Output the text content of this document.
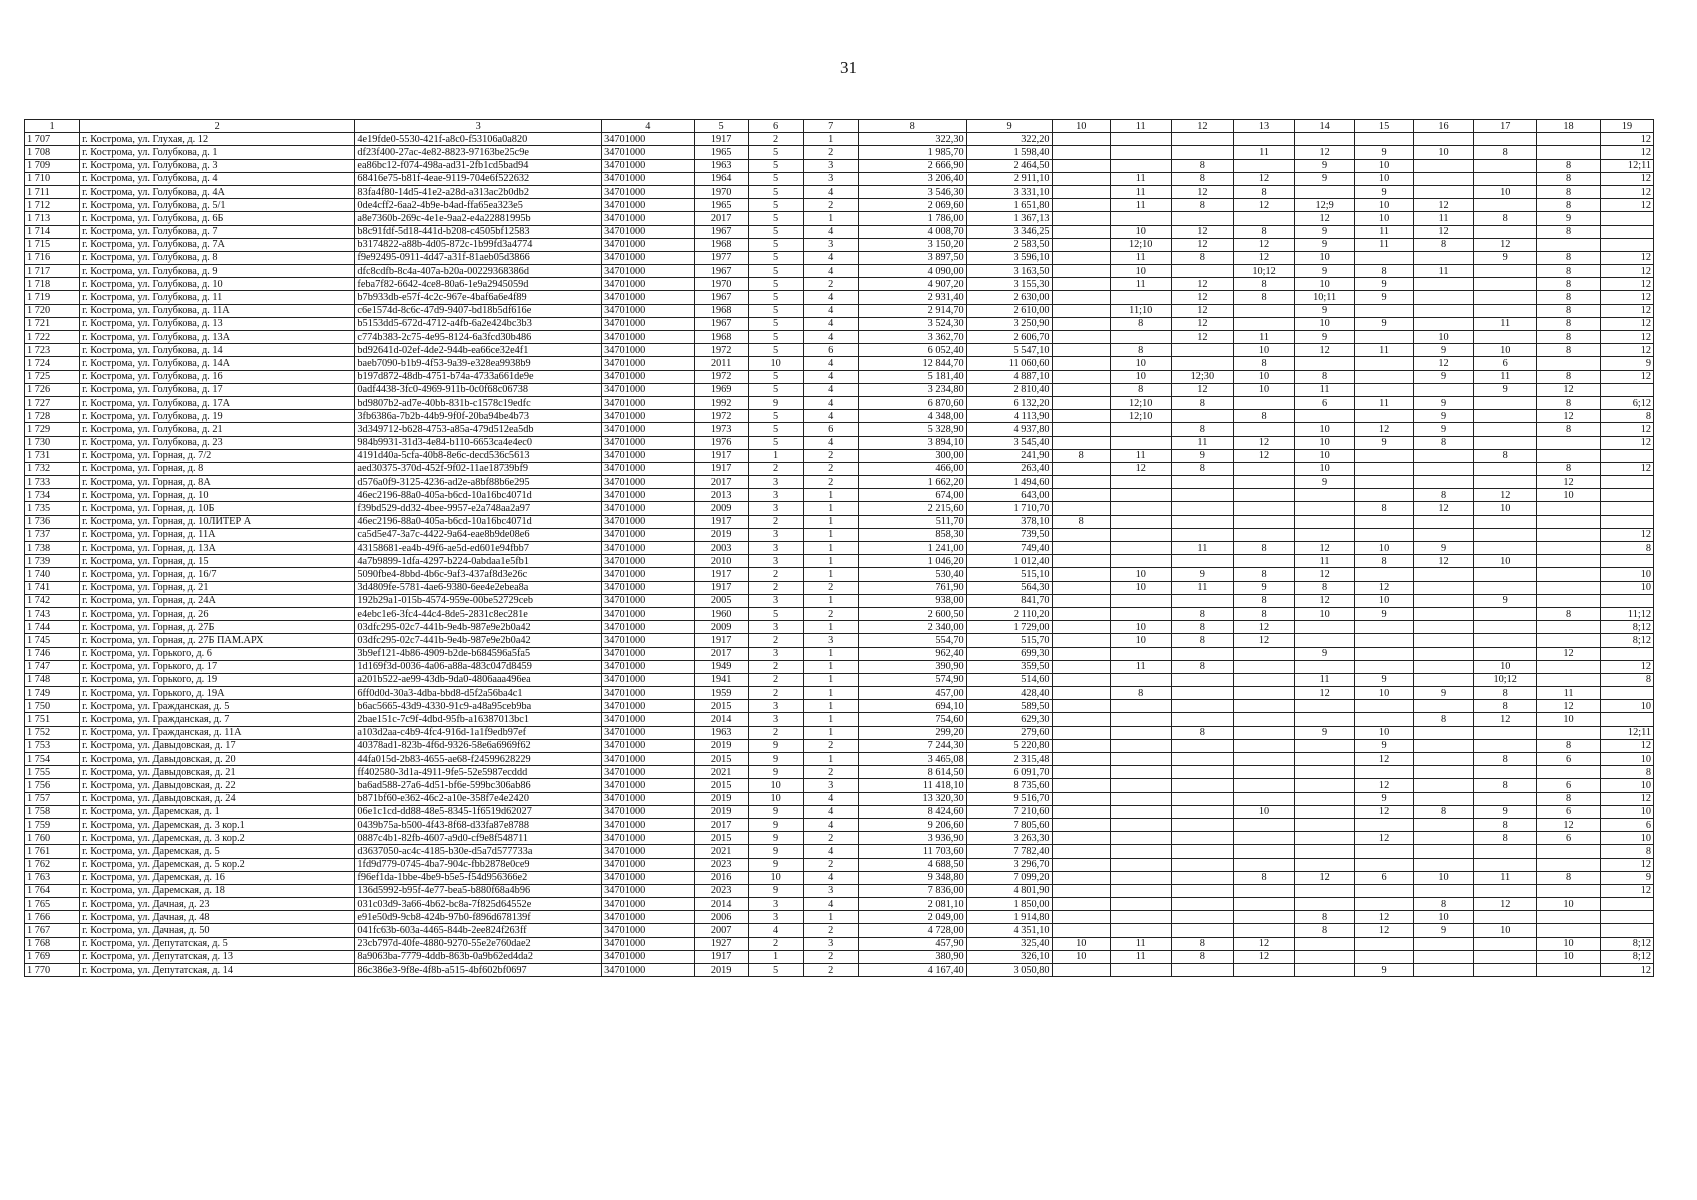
31
1	2	3	4	5	6	7	8	9	10	11	12	13	14	15	16	17	18	19
1 707	г. Кострома, ул. Глухая, д. 12	4e19fde0-5530-421f-a8c0-f53106a0a820	34701000	1917	2	1	322,30	322,20										12
1 708	г. Кострома, ул. Голубкова, д. 1	df23f400-27ac-4e82-8823-97163be25c9e	34701000	1965	5	2	1 985,70	1 598,40				11	12	9	10	8		12
1 709	г. Кострома, ул. Голубкова, д. 3	ea86bc12-f074-498a-ad31-2fb1cd5bad94	34701000	1963	5	3	2 666,90	2 464,50			8		9	10			8	12;11
1 710	г. Кострома, ул. Голубкова, д. 4	68416e75-b81f-4eae-9119-704e6f522632	34701000	1964	5	3	3 206,40	2 911,10		11	8	12	9	10			8	12
1 711	г. Кострома, ул. Голубкова, д. 4А	83fa4f80-14d5-41e2-a28d-a313ac2b0db2	34701000	1970	5	4	3 546,30	3 331,10		11	12	8		9		10	8	12
1 712	г. Кострома, ул. Голубкова, д. 5/1	0de4cff2-6aa2-4b9e-b4ad-ffa65ea323e5	34701000	1965	5	2	2 069,60	1 651,80		11	8	12	12;9	10	12		8	12
1 713	г. Кострома, ул. Голубкова, д. 6Б	a8e7360b-269c-4e1e-9aa2-e4a22881995b	34701000	2017	5	1	1 786,00	1 367,13					12	10	11	8	9	
1 714	г. Кострома, ул. Голубкова, д. 7	b8c91fdf-5d18-441d-b208-c4505bf12583	34701000	1967	5	4	4 008,70	3 346,25		10	12	8	9	11	12		8	
1 715	г. Кострома, ул. Голубкова, д. 7А	b3174822-a88b-4d05-872c-1b99fd3a4774	34701000	1968	5	3	3 150,20	2 583,50		12;10	12	12	9	11	8	12		
1 716	г. Кострома, ул. Голубкова, д. 8	f9e92495-0911-4d47-a31f-81aeb05d3866	34701000	1977	5	4	3 897,50	3 596,10		11	8	12	10			9	8	12
1 717	г. Кострома, ул. Голубкова, д. 9	dfc8cdfb-8c4a-407a-b20a-00229368386d	34701000	1967	5	4	4 090,00	3 163,50		10		10;12	9	8	11		8	12
1 718	г. Кострома, ул. Голубкова, д. 10	feba7f82-6642-4ce8-80a6-1e9a2945059d	34701000	1970	5	2	4 907,20	3 155,30		11	12	8	10	9			8	12
1 719	г. Кострома, ул. Голубкова, д. 11	b7b933db-e57f-4c2c-967e-4baf6a6e4f89	34701000	1967	5	4	2 931,40	2 630,00			12	8	10;11	9			8	12
1 720	г. Кострома, ул. Голубкова, д. 11А	c6e1574d-8c6c-47d9-9407-bd18b5df616e	34701000	1968	5	4	2 914,70	2 610,00		11;10	12		9				8	12
1 721	г. Кострома, ул. Голубкова, д. 13	b5153dd5-672d-4712-a4fb-6a2e424bc3b3	34701000	1967	5	4	3 524,30	3 250,90		8	12		10	9		11	8	12
1 722	г. Кострома, ул. Голубкова, д. 13А	c774b383-2c75-4e95-8124-6a3fcd30b486	34701000	1968	5	4	3 362,70	2 606,70			12	11	9		10		8	12
1 723	г. Кострома, ул. Голубкова, д. 14	bd92641d-02ef-4de2-944b-ea66ce32e4f1	34701000	1972	5	6	6 052,40	5 547,10		8		10	12	11	9	10	8	12
1 724	г. Кострома, ул. Голубкова, д. 14А	baeb7090-b1b9-4f53-9a39-e328ea9938b9	34701000	2011	10	4	12 844,70	11 060,60		10		8			12	6		9
1 725	г. Кострома, ул. Голубкова, д. 16	b197d872-48db-4751-b74a-4733a661de9e	34701000	1972	5	4	5 181,40	4 887,10		10	12;30	10	8		9	11	8	12
1 726	г. Кострома, ул. Голубкова, д. 17	0adf4438-3fc0-4969-911b-0c0f68c06738	34701000	1969	5	4	3 234,80	2 810,40		8	12	10	11			9	12	
1 727	г. Кострома, ул. Голубкова, д. 17А	bd9807b2-ad7e-40bb-831b-c1578c19edfc	34701000	1992	9	4	6 870,60	6 132,20		12;10	8		6	11	9		8	6;12
1 728	г. Кострома, ул. Голубкова, д. 19	3fb6386a-7b2b-44b9-9f0f-20ba94be4b73	34701000	1972	5	4	4 348,00	4 113,90		12;10		8			9		12	8
1 729	г. Кострома, ул. Голубкова, д. 21	3d349712-b628-4753-a85a-479d512ea5db	34701000	1973	5	6	5 328,90	4 937,80			8		10	12	9		8	12
1 730	г. Кострома, ул. Голубкова, д. 23	984b9931-31d3-4e84-b110-6653ca4e4ec0	34701000	1976	5	4	3 894,10	3 545,40			11	12	10	9	8			12
1 731	г. Кострома, ул. Горная, д. 7/2	4191d40a-5cfa-40b8-8e6c-decd536c5613	34701000	1917	1	2	300,00	241,90	8	11	9	12	10			8		
1 732	г. Кострома, ул. Горная, д. 8	aed30375-370d-452f-9f02-11ae18739bf9	34701000	1917	2	2	466,00	263,40		12	8		10				8	12
1 733	г. Кострома, ул. Горная, д. 8А	d576a0f9-3125-4236-ad2e-a8bf88b6e295	34701000	2017	3	2	1 662,20	1 494,60					9				12	
1 734	г. Кострома, ул. Горная, д. 10	46ec2196-88a0-405a-b6cd-10a16bc4071d	34701000	2013	3	1	674,00	643,00							8	12	10	
1 735	г. Кострома, ул. Горная, д. 10Б	f39bd529-dd32-4bee-9957-e2a748aa2a97	34701000	2009	3	1	2 215,60	1 710,70						8	12	10		
1 736	г. Кострома, ул. Горная, д. 10ЛИТЕР А	46ec2196-88a0-405a-b6cd-10a16bc4071d	34701000	1917	2	1	511,70	378,10	8									
1 737	г. Кострома, ул. Горная, д. 11А	ca5d5e47-3a7c-4422-9a64-eae8b9de08e6	34701000	2019	3	1	858,30	739,50										12
1 738	г. Кострома, ул. Горная, д. 13А	43158681-ea4b-49f6-ae5d-ed601e94fbb7	34701000	2003	3	1	1 241,00	749,40			11	8	12	10	9			8
1 739	г. Кострома, ул. Горная, д. 15	4a7b9899-1dfa-4297-b224-0abdaa1e5fb1	34701000	2010	3	1	1 046,20	1 012,40					11	8	12	10		
1 740	г. Кострома, ул. Горная, д. 16/7	5090fbe4-8bbd-4b6c-9af3-437af8d3e26c	34701000	1917	2	1	530,40	515,10		10	9	8	12					10
1 741	г. Кострома, ул. Горная, д. 21	3d4809fe-5781-4ae6-9380-6ee4e2ebea8a	34701000	1917	2	2	761,90	564,30		10	11	9	8	12				10
1 742	г. Кострома, ул. Горная, д. 24А	192b29a1-015b-4574-959e-00be52729ceb	34701000	2005	3	1	938,00	841,70				8	12	10		9		
1 743	г. Кострома, ул. Горная, д. 26	e4ebc1e6-3fc4-44c4-8de5-2831c8ec281e	34701000	1960	5	2	2 600,50	2 110,20			8	8	10	9			8	11;12
1 744	г. Кострома, ул. Горная, д. 27Б	03dfc295-02c7-441b-9e4b-987e9e2b0a42	34701000	2009	3	1	2 340,00	1 729,00		10	8	12						8;12
1 745	г. Кострома, ул. Горная, д. 27Б ПАМ.АРХ	03dfc295-02c7-441b-9e4b-987e9e2b0a42	34701000	1917	2	3	554,70	515,70		10	8	12						8;12
1 746	г. Кострома, ул. Горького, д. 6	3b9ef121-4b86-4909-b2de-b684596a5fa5	34701000	2017	3	1	962,40	699,30					9				12	
1 747	г. Кострома, ул. Горького, д. 17	1d169f3d-0036-4a06-a88a-483c047d8459	34701000	1949	2	1	390,90	359,50		11	8					10		12
1 748	г. Кострома, ул. Горького, д. 19	a201b522-ae99-43db-9da0-4806aaa496ea	34701000	1941	2	1	574,90	514,60					11	9		10;12		8
1 749	г. Кострома, ул. Горького, д. 19А	6ff0d0d-30a3-4dba-bbd8-d5f2a56ba4c1	34701000	1959	2	1	457,00	428,40		8			12	10	9	8	11	
1 750	г. Кострома, ул. Гражданская, д. 5	b6ac5665-43d9-4330-91c9-a48a95ceb9ba	34701000	2015	3	1	694,10	589,50								8	12	10
1 751	г. Кострома, ул. Гражданская, д. 7	2bae151c-7c9f-4dbd-95fb-a16387013bc1	34701000	2014	3	1	754,60	629,30							8	12	10	
1 752	г. Кострома, ул. Гражданская, д. 11А	a103d2aa-c4b9-4fc4-916d-1a1f9edb97ef	34701000	1963	2	1	299,20	279,60			8		9	10				12;11
1 753	г. Кострома, ул. Давыдовская, д. 17	40378ad1-823b-4f6d-9326-58e6a6969f62	34701000	2019	9	2	7 244,30	5 220,80						9			8	12
1 754	г. Кострома, ул. Давыдовская, д. 20	44fa015d-2b83-4655-ae68-f24599628229	34701000	2015	9	1	3 465,08	2 315,48						12		8	6	10
1 755	г. Кострома, ул. Давыдовская, д. 21	ff402580-3d1a-4911-9fe5-52e5987ecddd	34701000	2021	9	2	8 614,50	6 091,70										8
1 756	г. Кострома, ул. Давыдовская, д. 22	ba6ad588-27a6-4d51-bf6e-599bc306ab86	34701000	2015	10	3	11 418,10	8 735,60						12		8	6	10
1 757	г. Кострома, ул. Давыдовская, д. 24	b871bf60-e362-46c2-a10e-358f7e4e2420	34701000	2019	10	4	13 320,30	9 516,70						9			8	12
1 758	г. Кострома, ул. Даремская, д. 1	06e1c1cd-dd88-48e5-8345-1f6519d62027	34701000	2019	9	4	8 424,60	7 210,60				10		12	8	9	6	10
1 759	г. Кострома, ул. Даремская, д. 3 кор.1	0439b75a-b500-4f43-8f68-d33fa87e8788	34701000	2017	9	4	9 206,60	7 805,60								8	12	6
1 760	г. Кострома, ул. Даремская, д. 3 кор.2	0887c4b1-82fb-4607-a9d0-cf9e8f548711	34701000	2015	9	2	3 936,90	3 263,30						12		8	6	10
1 761	г. Кострома, ул. Даремская, д. 5	d3637050-ac4c-4185-b30e-d5a7d577733a	34701000	2021	9	4	11 703,60	7 782,40										8
1 762	г. Кострома, ул. Даремская, д. 5 кор.2	1fd9d779-0745-4ba7-904c-fbb2878e0ce9	34701000	2023	9	2	4 688,50	3 296,70										12
1 763	г. Кострома, ул. Даремская, д. 16	f96ef1da-1bbe-4be9-b5e5-f54d956366e2	34701000	2016	10	4	9 348,80	7 099,20				8	12	6	10	11	8	9
1 764	г. Кострома, ул. Даремская, д. 18	136d5992-b95f-4e77-bea5-b880f68a4b96	34701000	2023	9	3	7 836,00	4 801,90										12
1 765	г. Кострома, ул. Дачная, д. 23	031c03d9-3a66-4b62-bc8a-7f825d64552e	34701000	2014	3	4	2 081,10	1 850,00							8	12	10	
1 766	г. Кострома, ул. Дачная, д. 48	e91e50d9-9cb8-424b-97b0-f896d678139f	34701000	2006	3	1	2 049,00	1 914,80					8	12	10			
1 767	г. Кострома, ул. Дачная, д. 50	041fc63b-603a-4465-844b-2ee824f263ff	34701000	2007	4	2	4 728,00	4 351,10					8	12	9	10		
1 768	г. Кострома, ул. Депутатская, д. 5	23cb797d-40fe-4880-9270-55e2e760dae2	34701000	1927	2	3	457,90	325,40	10	11	8	12					10	8;12
1 769	г. Кострома, ул. Депутатская, д. 13	8a9063ba-7779-4ddb-863b-0a9b62ed4da2	34701000	1917	1	2	380,90	326,10	10	11	8	12					10	8;12
1 770	г. Кострома, ул. Депутатская, д. 14	86c386e3-9f8e-4f8b-a515-4bf602bf0697	34701000	2019	5	2	4 167,40	3 050,80						9				12
